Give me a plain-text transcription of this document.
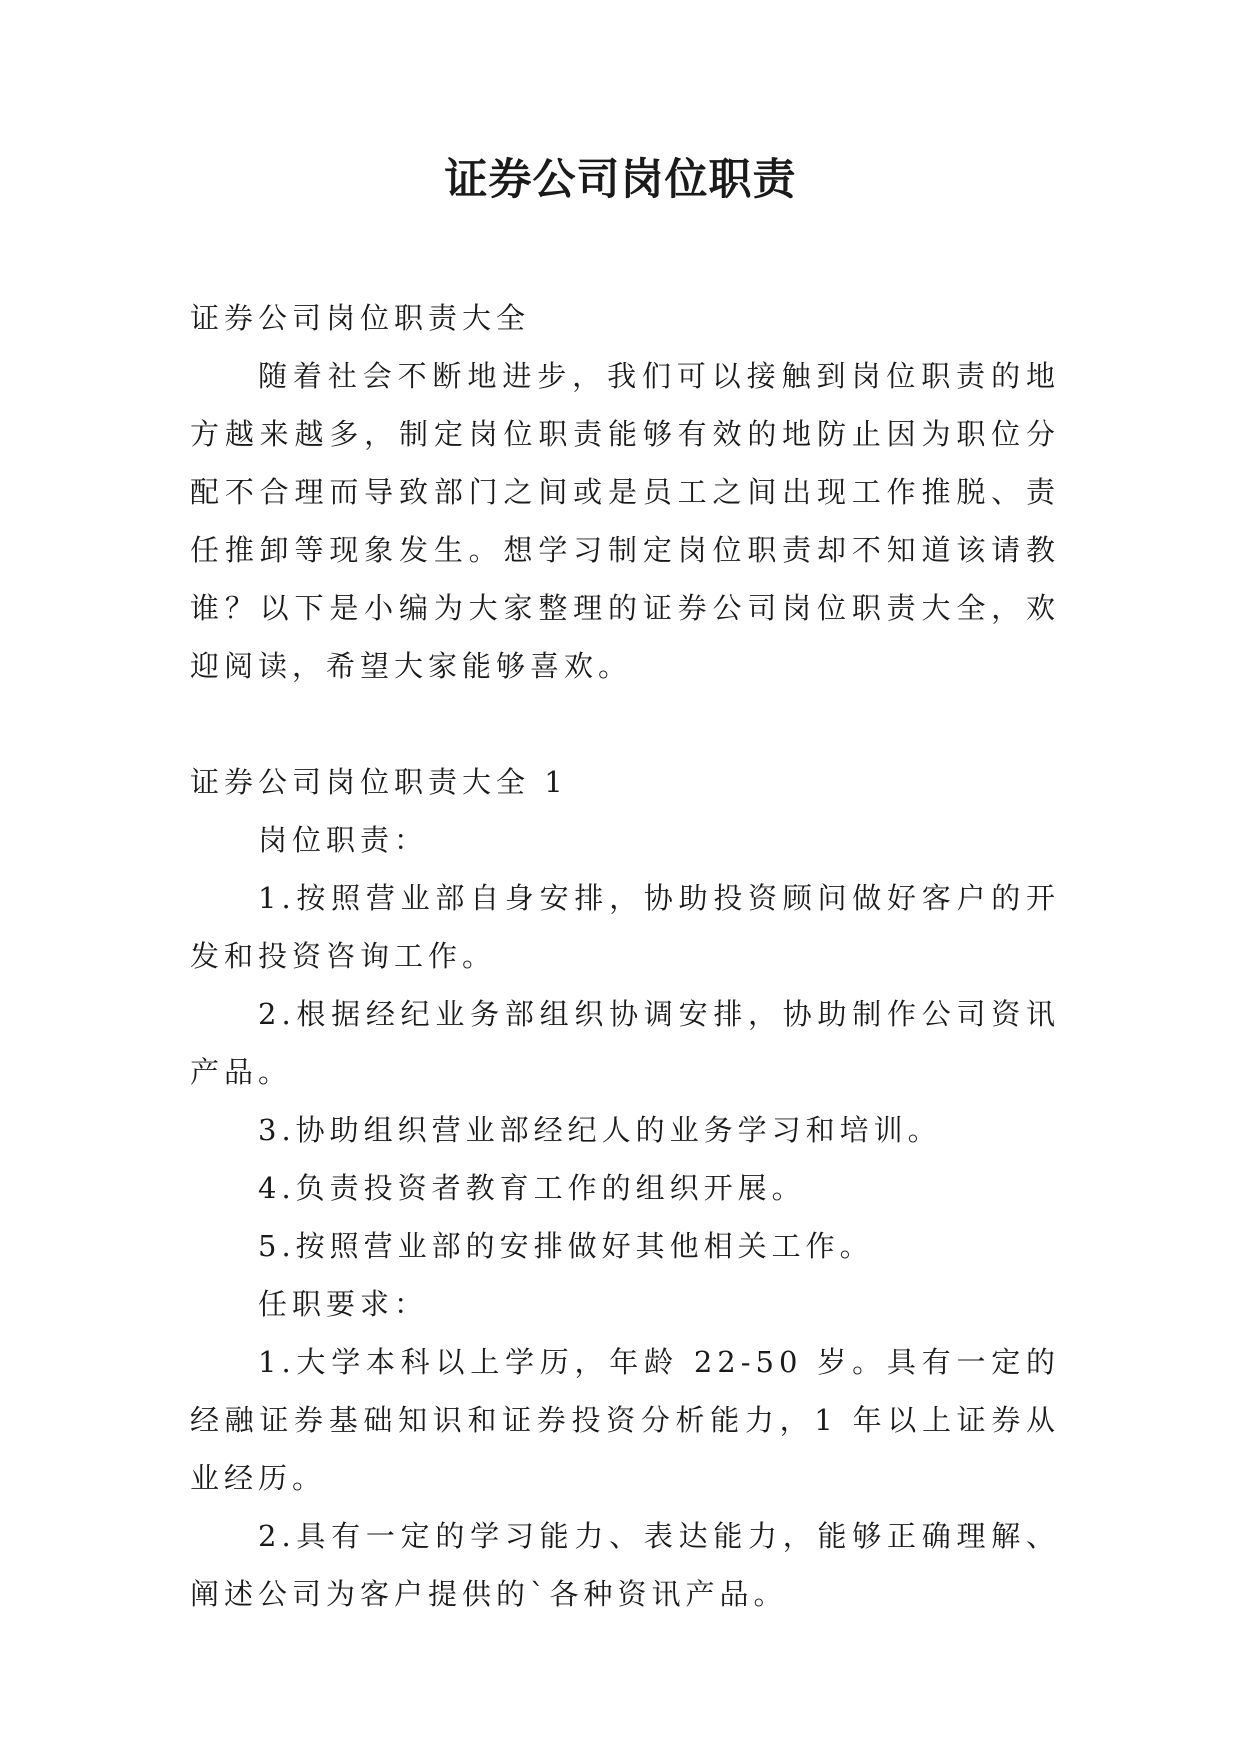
证券公司岗位职责

证券公司岗位职责大全

随着社会不断地进步，我们可以接触到岗位职责的地方越来越多，制定岗位职责能够有效的地防止因为职位分配不合理而导致部门之间或是员工之间出现工作推脱、责任推卸等现象发生。想学习制定岗位职责却不知道该请教谁？以下是小编为大家整理的证券公司岗位职责大全，欢迎阅读，希望大家能够喜欢。

证券公司岗位职责大全 1

岗位职责：

1.按照营业部自身安排，协助投资顾问做好客户的开发和投资咨询工作。

2.根据经纪业务部组织协调安排，协助制作公司资讯产品。

3.协助组织营业部经纪人的业务学习和培训。

4.负责投资者教育工作的组织开展。

5.按照营业部的安排做好其他相关工作。

任职要求：

1.大学本科以上学历，年龄 22-50 岁。具有一定的经融证券基础知识和证券投资分析能力，1 年以上证券从业经历。

2.具有一定的学习能力、表达能力，能够正确理解、阐述公司为客户提供的`各种资讯产品。
